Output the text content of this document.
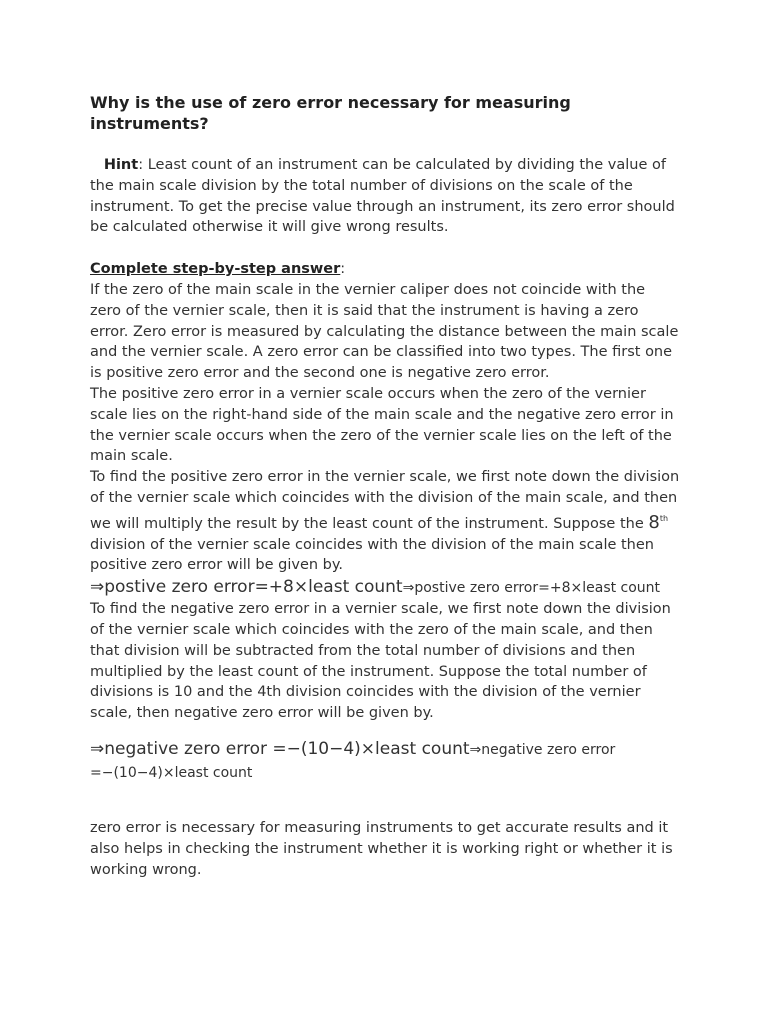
Why is the use of zero error necessary for measuring instruments?

Hint: Least count of an instrument can be calculated by dividing the value of the main scale division by the total number of divisions on the scale of the instrument. To get the precise value through an instrument, its zero error should be calculated otherwise it will give wrong results.

Complete step-by-step answer:

If the zero of the main scale in the vernier caliper does not coincide with the zero of the vernier scale, then it is said that the instrument is having a zero error. Zero error is measured by calculating the distance between the main scale and the vernier scale. A zero error can be classified into two types. The first one is positive zero error and the second one is negative zero error.

The positive zero error in a vernier scale occurs when the zero of the vernier scale lies on the right-hand side of the main scale and the negative zero error in the vernier scale occurs when the zero of the vernier scale lies on the left of the main scale.

To find the positive zero error in the vernier scale, we first note down the division of the vernier scale which coincides with the division of the main scale, and then we will multiply the result by the least count of the instrument. Suppose the 8th division of the vernier scale coincides with the division of the main scale then positive zero error will be given by.

⇒postive zero error=+8×least count⇒postive zero error=+8×least count

To find the negative zero error in a vernier scale, we first note down the division of the vernier scale which coincides with the zero of the main scale, and then that division will be subtracted from the total number of divisions and then multiplied by the least count of the instrument. Suppose the total number of divisions is 10 and the 4th division coincides with the division of the vernier scale, then negative zero error will be given by.

⇒negative zero error =−(10−4)×least count⇒negative zero error =−(10−4)×least count

zero error is necessary for measuring instruments to get accurate results and it also helps in checking the instrument whether it is working right or whether it is working wrong.
